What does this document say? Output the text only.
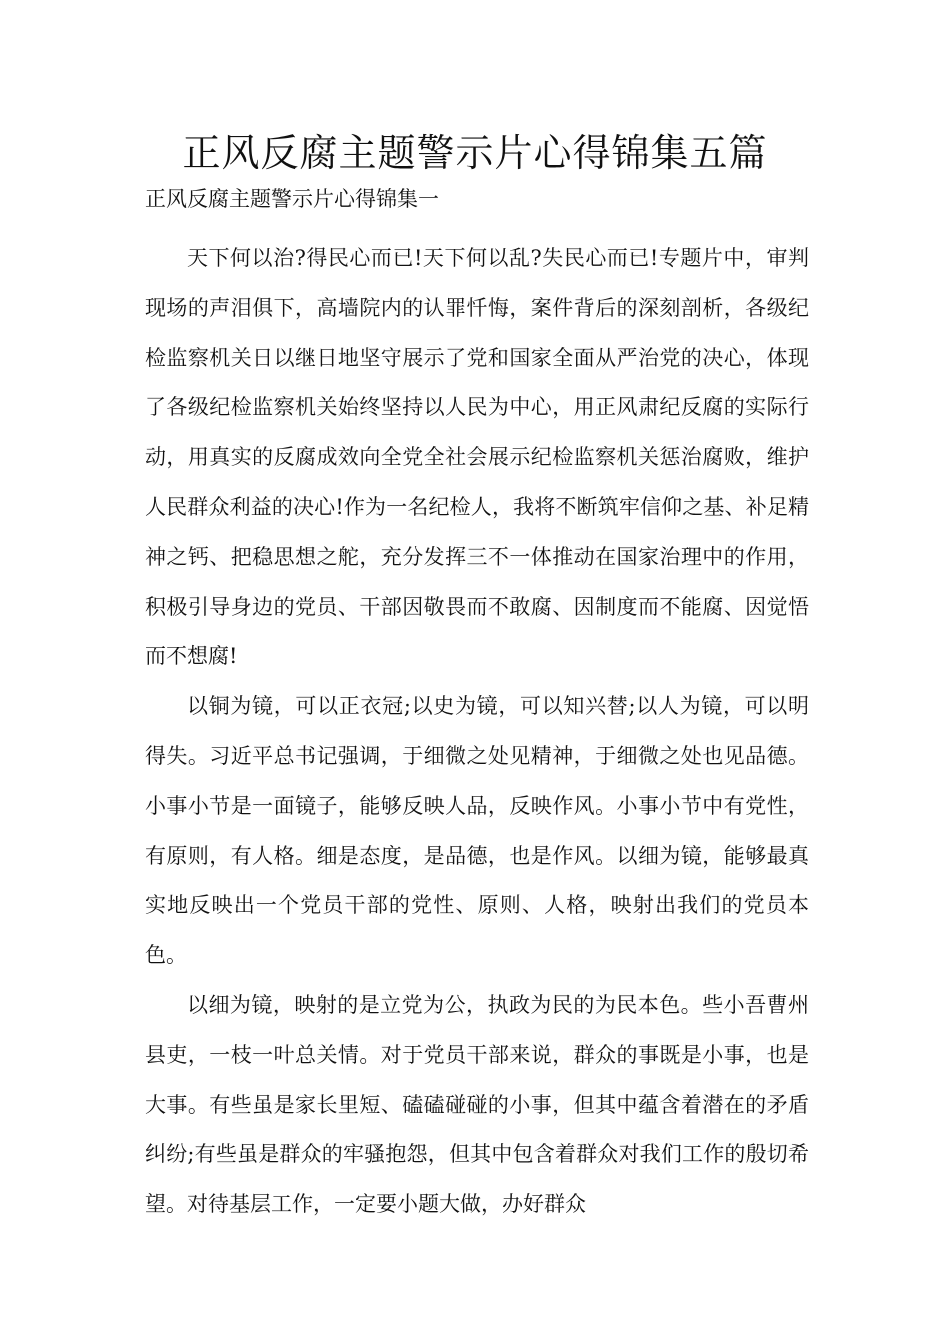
正风反腐主题警示片心得锦集五篇
正风反腐主题警示片心得锦集一

天下何以治?得民心而已!天下何以乱?失民心而已!专题片中，审判现场的声泪俱下，高墙院内的认罪忏悔，案件背后的深刻剖析，各级纪检监察机关日以继日地坚守展示了党和国家全面从严治党的决心，体现了各级纪检监察机关始终坚持以人民为中心，用正风肃纪反腐的实际行动，用真实的反腐成效向全党全社会展示纪检监察机关惩治腐败，维护人民群众利益的决心!作为一名纪检人，我将不断筑牢信仰之基、补足精神之钙、把稳思想之舵，充分发挥三不一体推动在国家治理中的作用，积极引导身边的党员、干部因敬畏而不敢腐、因制度而不能腐、因觉悟而不想腐!

以铜为镜，可以正衣冠;以史为镜，可以知兴替;以人为镜，可以明得失。习近平总书记强调，于细微之处见精神，于细微之处也见品德。小事小节是一面镜子，能够反映人品，反映作风。小事小节中有党性，有原则，有人格。细是态度，是品德，也是作风。以细为镜，能够最真实地反映出一个党员干部的党性、原则、人格，映射出我们的党员本色。

以细为镜，映射的是立党为公，执政为民的为民本色。些小吾曹州县吏，一枝一叶总关情。对于党员干部来说，群众的事既是小事，也是大事。有些虽是家长里短、磕磕碰碰的小事，但其中蕴含着潜在的矛盾纠纷;有些虽是群众的牢骚抱怨，但其中包含着群众对我们工作的殷切希望。对待基层工作，一定要小题大做，办好群众
